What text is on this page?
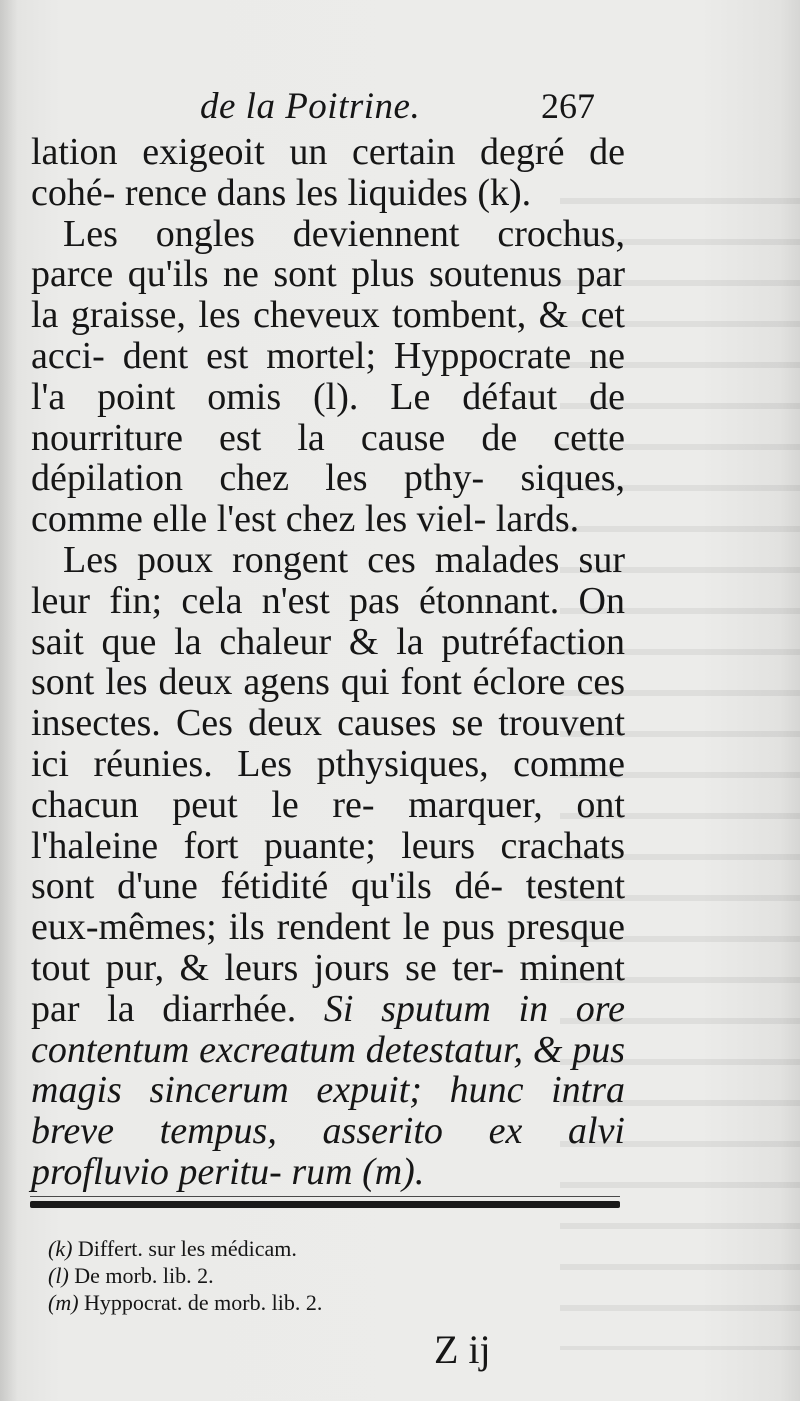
de la Poitrine.	267

lation exigeoit un certain degré de cohé- rence dans les liquides (k).

Les ongles deviennent crochus, parce qu'ils ne sont plus soutenus par la graisse, les cheveux tombent, & cet acci- dent est mortel; Hyppocrate ne l'a point omis (l). Le défaut de nourriture est la cause de cette dépilation chez les pthy- siques, comme elle l'est chez les viel- lards.

Les poux rongent ces malades sur leur fin; cela n'est pas étonnant. On sait que la chaleur & la putréfaction sont les deux agens qui font éclore ces insectes. Ces deux causes se trouvent ici réunies. Les pthysiques, comme chacun peut le re- marquer, ont l'haleine fort puante; leurs crachats sont d'une fétidité qu'ils dé- testent eux-mêmes; ils rendent le pus presque tout pur, & leurs jours se ter- minent par la diarrhée. Si sputum in ore contentum excreatum detestatur, & pus magis sincerum expuit; hunc intra breve tempus, asserito ex alvi profluvio peritu- rum (m).

(k) Differt. sur les médicam.
(l) De morb. lib. 2.
(m) Hyppocrat. de morb. lib. 2.
Z ij
